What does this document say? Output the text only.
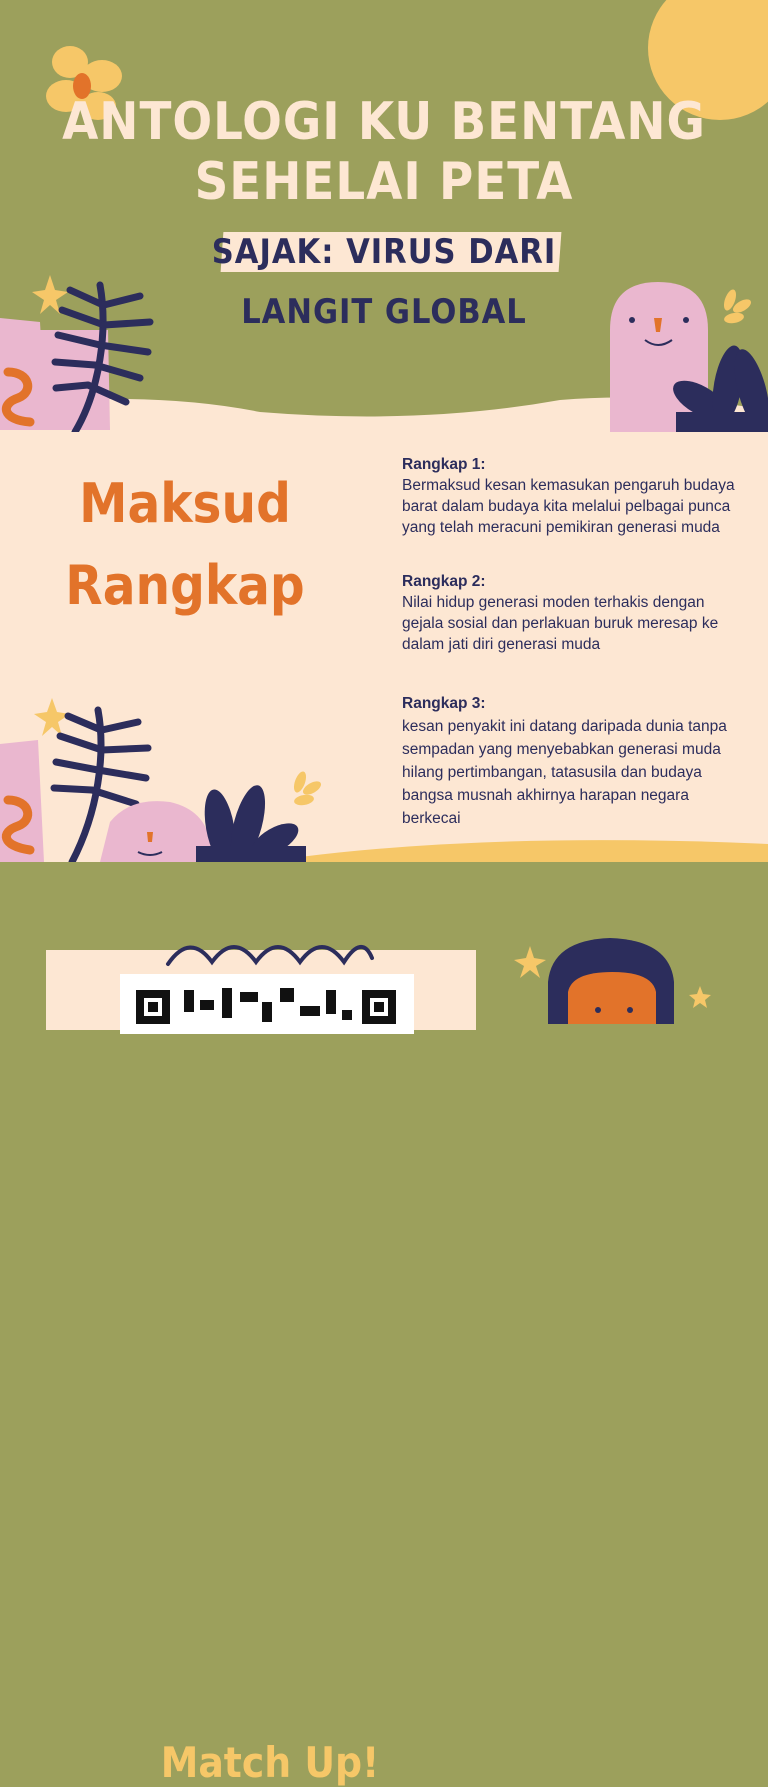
ANTOLOGI KU BENTANG
SEHELAI PETA
SAJAK: VIRUS DARI
LANGIT GLOBAL
Maksud
Rangkap
Rangkap 1:
Bermaksud kesan kemasukan pengaruh budaya barat dalam budaya kita melalui pelbagai punca yang telah meracuni pemikiran generasi muda
Rangkap 2:
Nilai hidup generasi moden terhakis dengan gejala sosial dan perlakuan buruk meresap ke dalam jati diri generasi muda
Rangkap 3:
kesan penyakit ini datang daripada dunia tanpa sempadan yang menyebabkan generasi muda hilang pertimbangan, tatasusila dan budaya bangsa musnah akhirnya harapan negara berkecai
Match Up!
